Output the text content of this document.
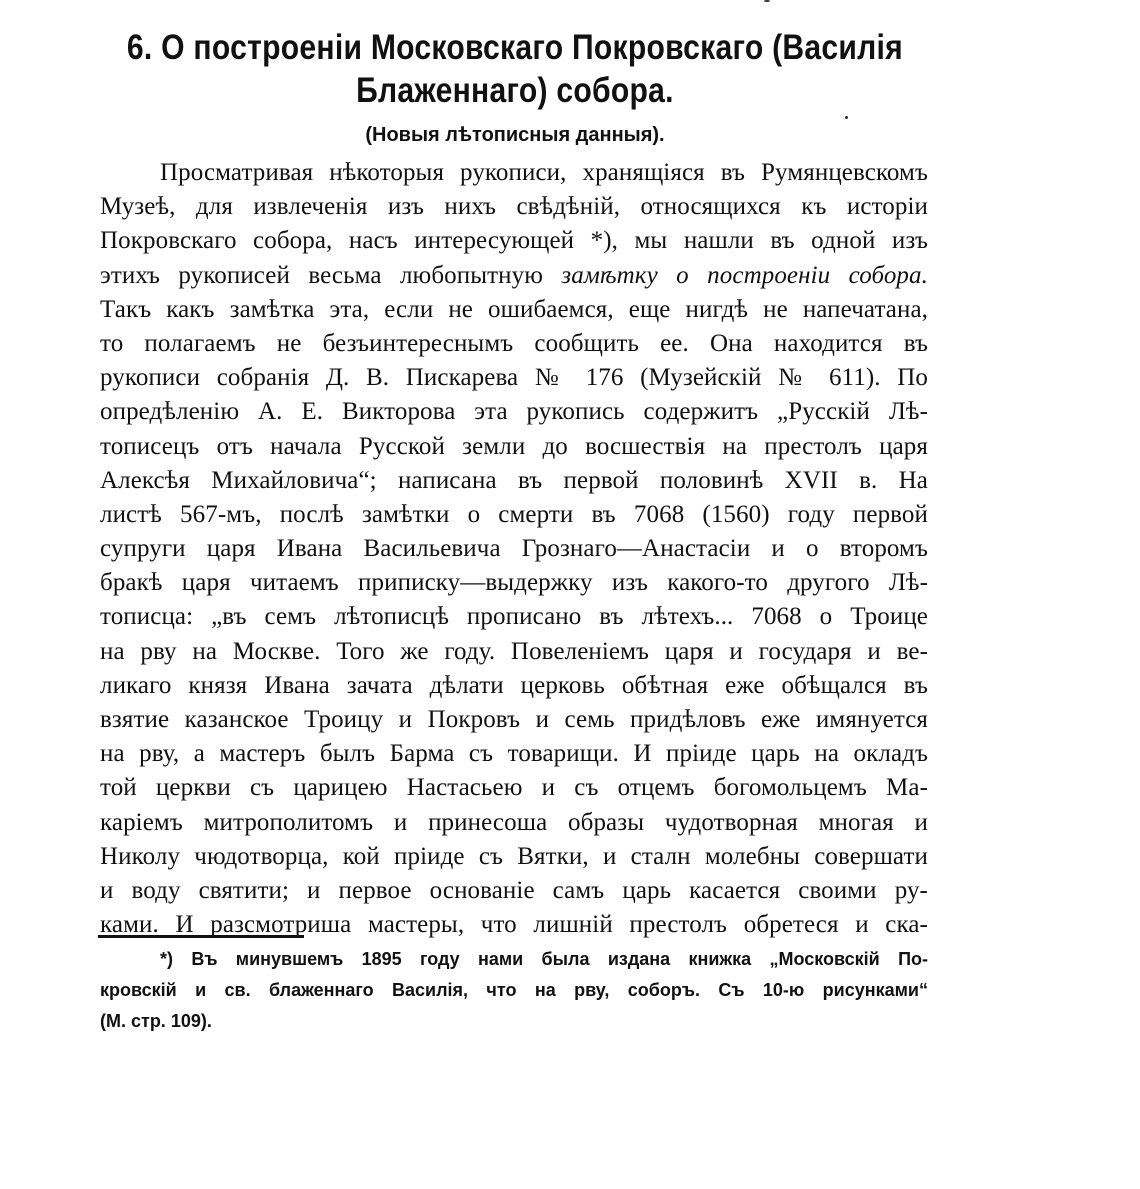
6. О построеніи Московскаго Покровскаго (Василія
Блаженнаго) собора.
(Новыя лѣтописныя данныя).
Просматривая нѣкоторыя рукописи, хранящіяся въ Румянцевскомъ
Музеѣ, для извлеченія изъ нихъ свѣдѣній, относящихся къ исторіи
Покровскаго собора, насъ интересующей *), мы нашли въ одной изъ
этихъ рукописей весьма любопытную замѣтку о построеніи собора.
Такъ какъ замѣтка эта, если не ошибаемся, еще нигдѣ не напечатана,
то полагаемъ не безъинтереснымъ сообщить ее. Она находится въ
рукописи собранія Д. В. Пискарева № 176 (Музейскій № 611). По
опредѣленію А. Е. Викторова эта рукопись содержитъ „Русскій Лѣ-
тописецъ отъ начала Русской земли до восшествія на престолъ царя
Алексѣя Михайловича“; написана въ первой половинѣ XVII в. На
листѣ 567-мъ, послѣ замѣтки о смерти въ 7068 (1560) году первой
супруги царя Ивана Васильевича Грознаго—Анастасіи и о второмъ
бракѣ царя читаемъ приписку—выдержку изъ какого-то другого Лѣ-
тописца: „въ семъ лѣтописцѣ прописано въ лѣтехъ... 7068 о Троице
на рву на Москве. Того же году. Повеленіемъ царя и государя и ве-
ликаго князя Ивана зачата дѣлати церковь обѣтная еже обѣщался въ
взятие казанское Троицу и Покровъ и семь придѣловъ еже имянуется
на рву, а мастеръ былъ Барма съ товарищи. И пріиде царь на окладъ
той церкви съ царицею Настасьею и съ отцемъ богомольцемъ Ма-
каріемъ митрополитомъ и принесоша образы чудотворная многая и
Николу чюдотворца, кой пріиде съ Вятки, и сталн молебны совершати
и воду святити; и первое основаніе самъ царь касается своими ру-
ками. И разсмотриша мастеры, что лишній престолъ обретеся и ска-
*) Въ минувшемъ 1895 году нами была издана книжка „Московскій По-
кровскій и св. блаженнаго Василія, что на рву, соборъ. Съ 10-ю рисунками“
(М. стр. 109).
